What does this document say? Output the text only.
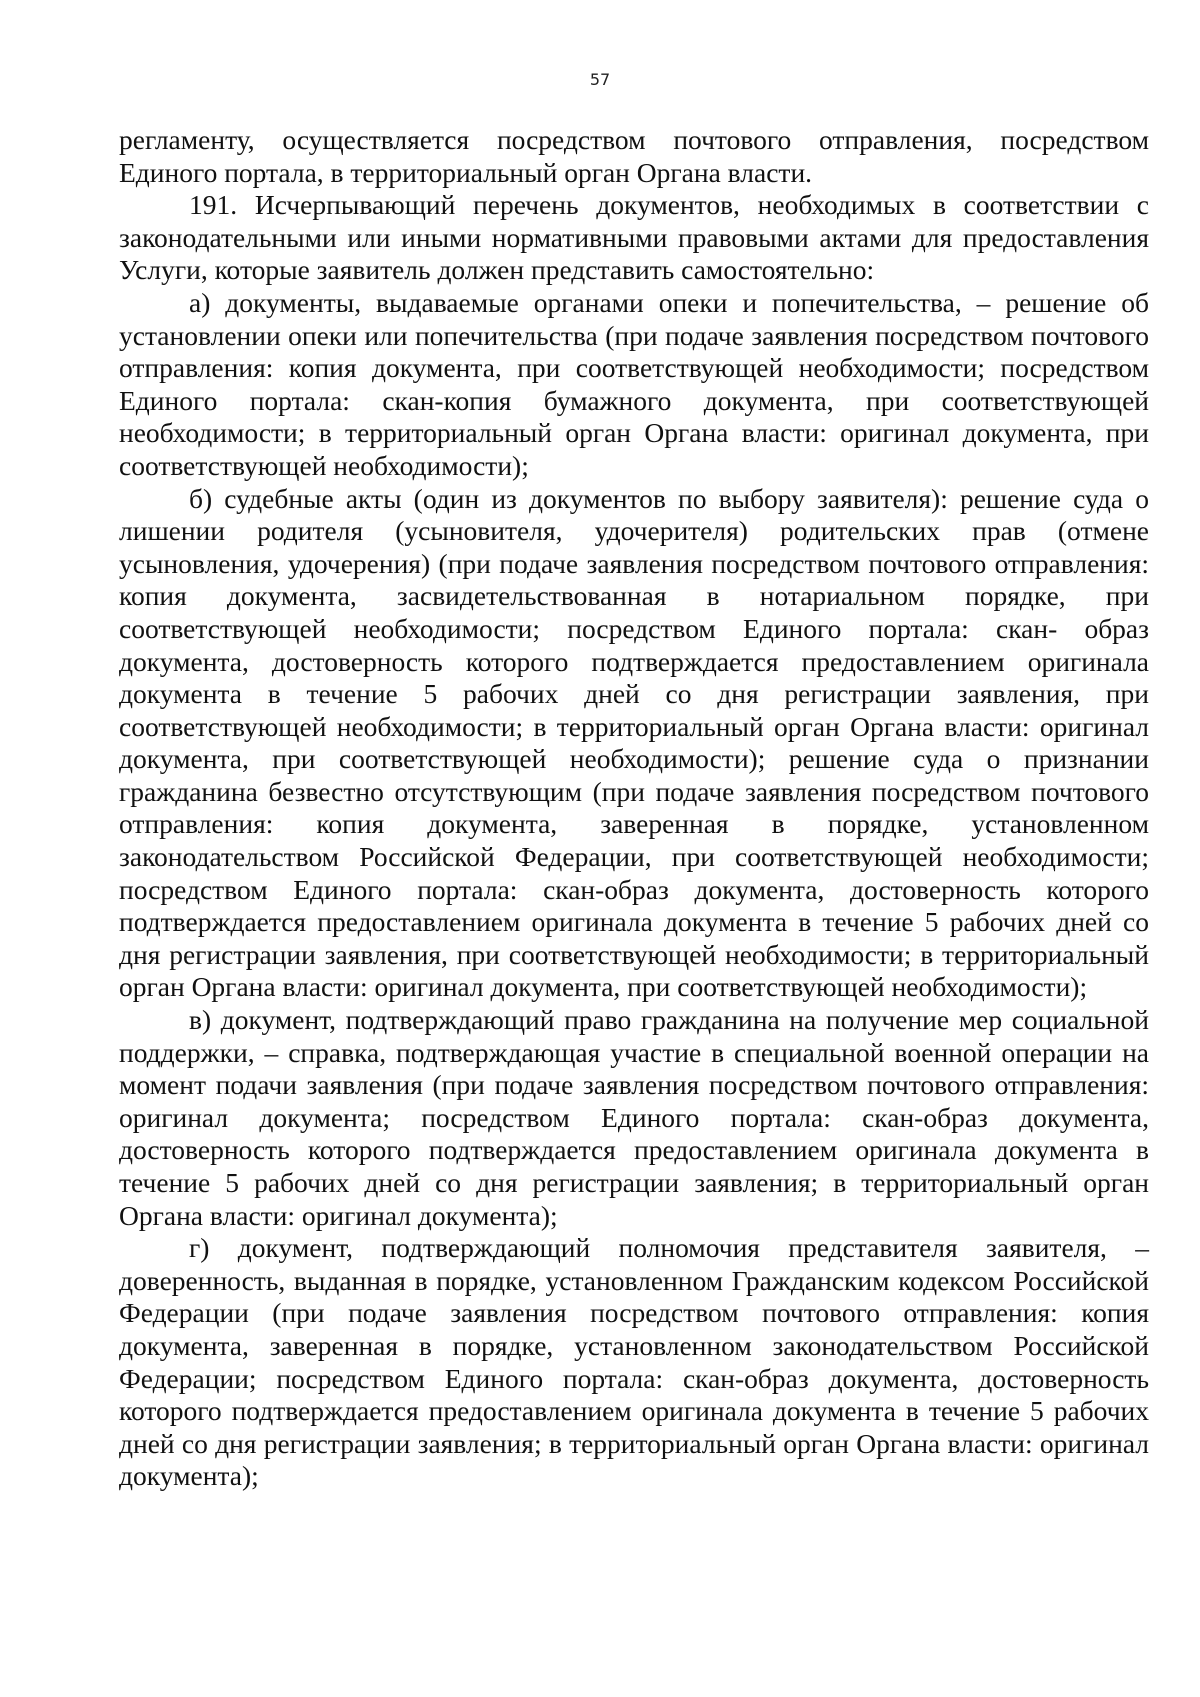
57

регламенту, осуществляется посредством почтового отправления, посредством Единого портала, в территориальный орган Органа власти.

191. Исчерпывающий перечень документов, необходимых в соответствии с законодательными или иными нормативными правовыми актами для предоставления Услуги, которые заявитель должен представить самостоятельно:

а) документы, выдаваемые органами опеки и попечительства, – решение об установлении опеки или попечительства (при подаче заявления посредством почтового отправления: копия документа, при соответствующей необходимости; посредством Единого портала: скан-копия бумажного документа, при соответствующей необходимости; в территориальный орган Органа власти: оригинал документа, при соответствующей необходимости);

б) судебные акты (один из документов по выбору заявителя): решение суда о лишении родителя (усыновителя, удочерителя) родительских прав (отмене усыновления, удочерения) (при подаче заявления посредством почтового отправления: копия документа, засвидетельствованная в нотариальном порядке, при соответствующей необходимости; посредством Единого портала: скан- образ документа, достоверность которого подтверждается предоставлением оригинала документа в течение 5 рабочих дней со дня регистрации заявления, при соответствующей необходимости; в территориальный орган Органа власти: оригинал документа, при соответствующей необходимости); решение суда о признании гражданина безвестно отсутствующим (при подаче заявления посредством почтового отправления: копия документа, заверенная в порядке, установленном законодательством Российской Федерации, при соответствующей необходимости; посредством Единого портала: скан-образ документа, достоверность которого подтверждается предоставлением оригинала документа в течение 5 рабочих дней со дня регистрации заявления, при соответствующей необходимости; в территориальный орган Органа власти: оригинал документа, при соответствующей необходимости);

в) документ, подтверждающий право гражданина на получение мер социальной поддержки, – справка, подтверждающая участие в специальной военной операции на момент подачи заявления (при подаче заявления посредством почтового отправления: оригинал документа; посредством Единого портала: скан-образ документа, достоверность которого подтверждается предоставлением оригинала документа в течение 5 рабочих дней со дня регистрации заявления; в территориальный орган Органа власти: оригинал документа);

г) документ, подтверждающий полномочия представителя заявителя, – доверенность, выданная в порядке, установленном Гражданским кодексом Российской Федерации (при подаче заявления посредством почтового отправления: копия документа, заверенная в порядке, установленном законодательством Российской Федерации; посредством Единого портала: скан-образ документа, достоверность которого подтверждается предоставлением оригинала документа в течение 5 рабочих дней со дня регистрации заявления; в территориальный орган Органа власти: оригинал документа);
